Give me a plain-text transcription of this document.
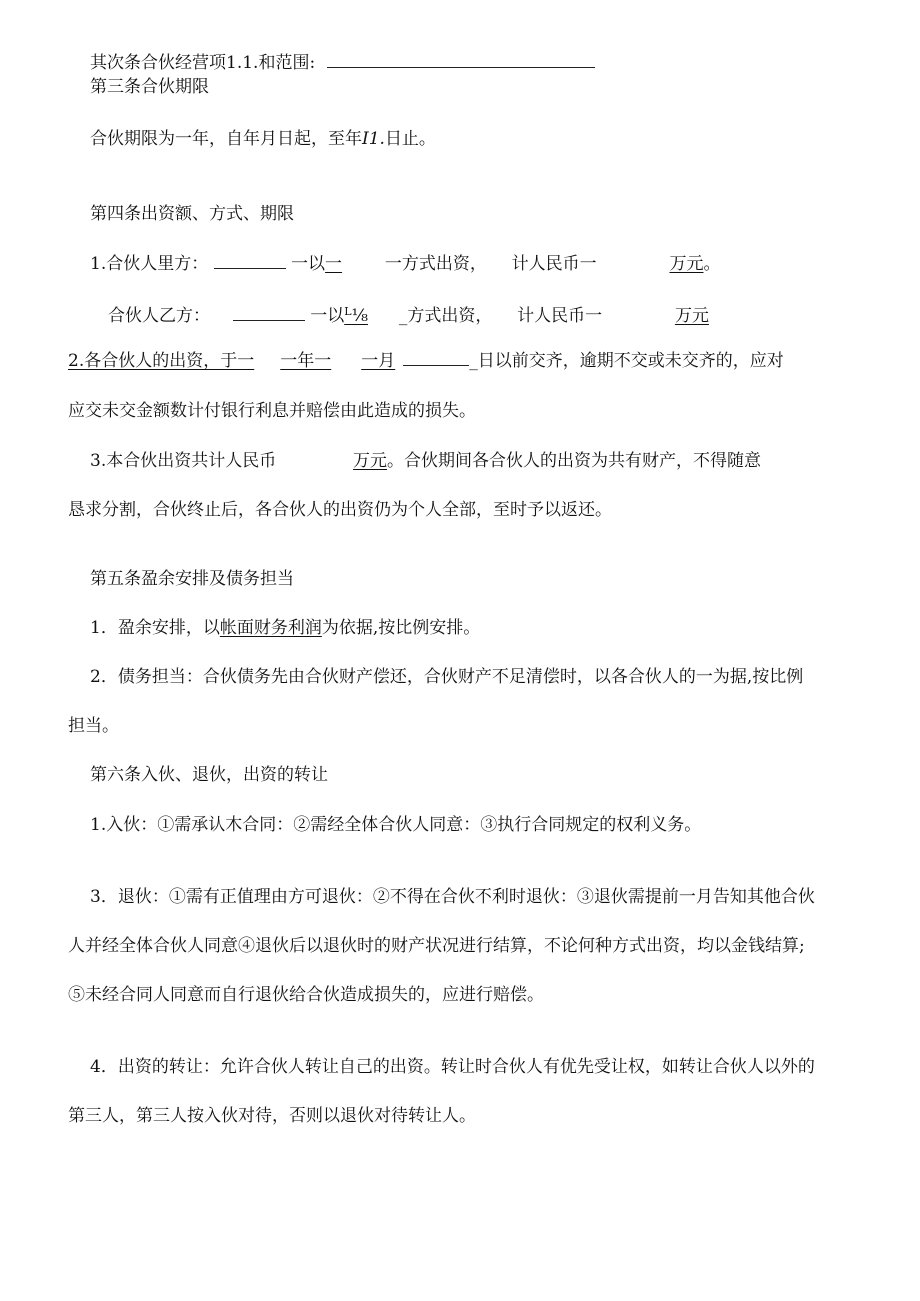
其次条合伙经营项1.1.和范围:
第三条合伙期限
合伙期限为一年，自年月日起，至年I1.日止。
第四条出资额、方式、期限
1.合伙人里方：	一以一	一方式出资， 计人民币一	万元。
合伙人乙方：	一以$^L$⅛ _方式出资， 计人民币一	万元
2.各合伙人的出资，于一 一年一 一月	_日以前交齐，逾期不交或未交齐的，应对
应交未交金额数计付银行利息并赔偿由此造成的损失。
3.本合伙出资共计人民币	万元。合伙期间各合伙人的出资为共有财产，不得随意
恳求分割，合伙终止后，各合伙人的出资仍为个人全部，至时予以返还。
第五条盈余安排及债务担当
1．盈余安排，以帐面财务利润为依据,按比例安排。
2．债务担当：合伙债务先由合伙财产偿还，合伙财产不足清偿时，以各合伙人的一为据,按比例
担当。
第六条入伙、退伙，出资的转让
1.入伙：①需承认木合同：②需经全体合伙人同意：③执行合同规定的权利义务。
3．退伙：①需有正值理由方可退伙：②不得在合伙不利时退伙：③退伙需提前一月告知其他合伙
人并经全体合伙人同意④退伙后以退伙时的财产状况进行结算，不论何种方式出资，均以金钱结算;
⑤未经合同人同意而自行退伙给合伙造成损失的，应进行赔偿。
4．出资的转让：允许合伙人转让自己的出资。转让时合伙人有优先受让权，如转让合伙人以外的
第三人，第三人按入伙对待，否则以退伙对待转让人。
